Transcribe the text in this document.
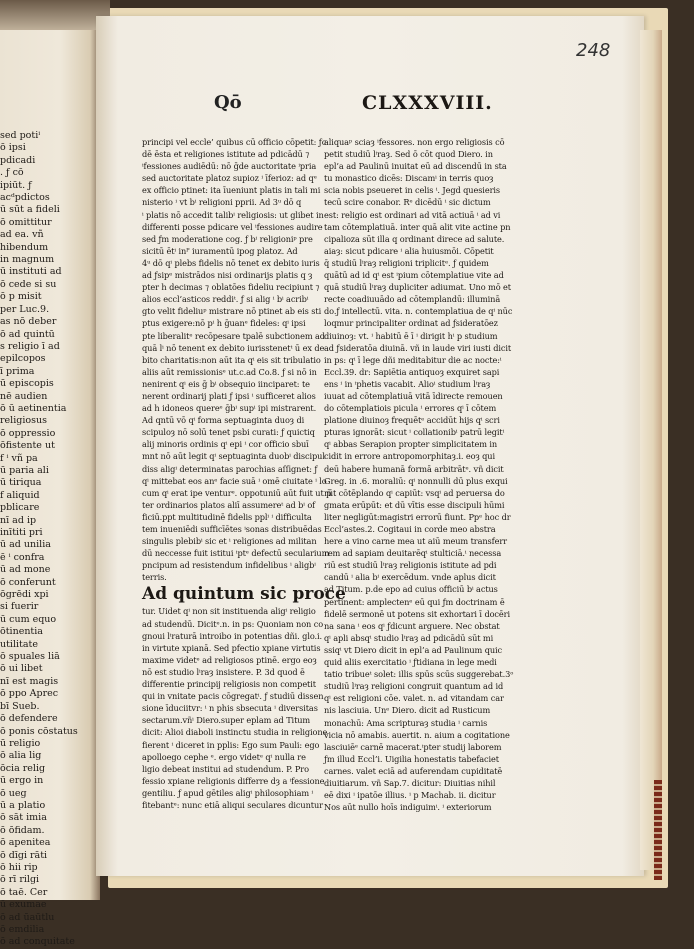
sed potiⁱ
ō ipsi
pdicadi
. ƒ cō
ipiūt. ƒ
acᵈpdictos
ū sūt a fideli
ō omittitur
ad ea. vñ
hibendum
in magnum
ū instituti ad
ō cede si su
ō p misit
per Luc.9.
as nō deber
ō ad quintū
s religio ī ad
epilcopos
ī prima
ū episcopis
nē audien
ō ū aetinentia
religiosus
ō oppressio
ōfistente ut
f ⁱ vñ pa
ū paria ali
ū tiriqua
f aliquid
pblicare
nī ad ip
inītiti pri
ū ad unilia
ē ⁱ confra
ū ad mone
ō conferunt
ōgrēdi xpi
si fuerir
ū cum equo
ōtinentia
utilitate
ō spuales liā
ō ui libet
nī est magis
ō ppo Aprec
bī Sueb.
ō defendere
ō ponis cōstatus
ū religio
ō alia lig
ōcia relig
ū ergo in
ō ueg
ū a platio
ō sāt imia
ō ōfidam.
ō apenitea
ō dīgi rāti
ō hii rip
ō rī rilgi
ō taē. Cer
ū exumae
ō ad ūaūtlu
ō emdilia
ō ad conquitate
248
Qō	CLXXXVIII.
principi vel eccle’ quibus cū officio cōpetit: ƒc
dē ēsta et religiones istitute ad pdicādū ⁊
ⁱfessiones audiēdū: nō ḡde auctoritate ⁱpria
sed auctoritate platoz supioz ⁱ īferioz: ad qᵉ
ex officio ptinet: ita īueniunt platis in tali mi
nisterio ⁱ vt bⁱ religioni pprii. Ad 3ᵘ dō q
ⁱ platis nō accedit talibⁱ religiosis: ut glibet in
differenti posse pdicare vel ⁱfessiones audire
sed ƒm moderatione cog. ƒ bⁱ religioniᵖ pre
sicitū ētⁱ inᴾ iuramentū ipog platoz. Ad
4ᵘ dō qⁱ plebs fidelis nō tenet ex debito iuris
ad ƒsipᵉ mistrādos nisi ordinarijs platis q ȝ
pter h decimas ⁊ oblatōes fideliu recipiunt ⁊
alios eccl’asticos reddiᵗ. ƒ si alig ⁱ bⁱ acribⁱ
gto velit fideliuᵖ mistrare nō ptinet ab eis sti
ptus exigere:nō pⁱ h ḡuanᵉ fideles: qⁱ ipsi
pte liberalitᵉ recōpesare tpalē subctionem ad
quā lⁱ nō tenent ex debito iurisstenetᵗ ū ex de
bito charitatis:non aūt ita qⁱ eis sit tribulatio
aliis aūt remissionisᵉ ut.c.ad Co.8. ƒ si nō in
nenirent qⁱ eis ḡ bⁱ obsequio iinciparet: te
nerent ordinarij plati ƒ ipsi ⁱ sufficeret alios
ad h idoneos quereᵉ ḡbⁱ supⁱ ipi mistrarent.
Ad qntū vō qⁱ forma septuaginta duoȝ di
scipuloȝ nō solū tenet psbi curati: ƒ quictiq
alij minoris ordinis qⁱ epi ⁱ cor officio sbuī
mnt nō aūt legit qⁱ septuaginta duobⁱ discipul
diss aligⁱ determinatas parochias aſſi̇gnet: ƒ
qⁱ mittebat eos anᵉ facie suā ⁱ omē ciuitate ⁱ lo
cum qⁱ erat ipe venturᵉ. oppotuniū aūt fuit ut p̄
ter ordinarios platos aliī assumereᵗ ad bⁱ of
ficiū.ppt multitudinē fidelis pplⁱ ⁱ difficulta
tem inueniēdi sufficīētes ⁱsonas distribuēdas
singulis plebibⁱ sic et ⁱ religiones ad militan
dū neccesse fuit istitui ⁱptᵉ defectū secularium
pncipum ad resistendum infidelibus ⁱ aligbⁱ
terris.
Ad quintum sic proce
tur. Uidet qⁱ non sit instituenda aligⁱ religio
ad studendū. Dicitᵉ.n. in ps: Quoniam non co
gnoui lⁱraturā introibo in potentias dñi. glo.i.
in virtute xpianā. Sed pfectio xpiane virtutis
maxime videtᵉ ad religiosos ptinē. ergo eoȝ
nō est studio lⁱraȝ insistere. P. 3d quod ē
differentie principij religiosis non competit
qui in vnitate pacis cōgregatⁱ. ƒ studiū dissen
sione īduciitvr: ⁱ n phis sbsecuta ⁱ diversitas
sectarum.vñⁱ Diero.super eplam ad Titum
dicit: Alioi diaboli instinctu studia in religione
fierent ⁱ diceret in pplis: Ego sum Pauli: ego
apolloego cephe ᵉ. ergo videtᵉ qⁱ nulla re
ligio debeat institui ad studendum. P. Pro
fessio xpiane religionis differre dȝ a ⁱfessione
gentiliu. ƒ apud gētiles aligⁱ philosophiam ⁱ
fitebantᵉ: nunc etiā aliqui seculares dicuntur
aliquaᵖ sciaȝ ⁱfessores. non ergo religiosis cō
petit studiū lⁱraȝ. Sed ō cōt quod Diero. in
epl’a ad Paulinū inuitat eū ad discendū in sta
tu monastico dicēs: Discamⁱ in terris quoȝ
scia nobis pseueret in celis ⁱ. Jegd quesieris
tecū scire conabor. Rᵉ dicēdū ⁱ sic dictum
est: religio est ordinari ad vitā actiuā ⁱ ad vi
tam cōtemplatiuā. inter quā alit vite actine pn
cipalioza sūt illa q ordinant direce ad salute.
aiaȝ: sicut pdicare ⁱ alia huiusmōi. Cōpetit
q̄ studiū lⁱraȝ religioni triplicitᵉ. ƒ quidem
quātū ad id qⁱ est ⁱpium cōtemplatiue vite ad
quā studiū lⁱraȝ dupliciter adiumat. Uno mō et
recte coadiuuādo ad cōtemplandū: illuminā
do.ƒ intellectū. vita. n. contemplatiua de qⁱ nūc
loqmur principaliter ordinat ad ƒsideratōez
diuinoȝ: vt. ⁱ habitū ē ī ⁱ dirigit hⁱ p studium
ad ƒsideratōa diuinā. vñ in laude viri iusti dicit
in ps: qⁱ ī lege dñi meditabitur die ac nocte:ⁱ
Eccl.39. dr: Sapiētia antiquoȝ exquiret sapi
ens ⁱ in ⁱphetis vacabit. Alioⁱ studium lⁱraȝ
iuuat ad cōtemplatiuā vitā īdirecte remouen
do cōtemplatiois picula ⁱ errores qⁱ ī cōtem
platione diuinoȝ frequētᵉ accidūt hijs qⁱ scri
pturas ignorāt: sicut ⁱ collationibⁱ patrū legitⁱ
qⁱ abbas Serapion propter simplicitatem in
cidit in errore antropomorphitaȝ.i. eoȝ qui
deū habere humanā formā arbitrātᵉ. vñ dicit
Greg. in .6. moraliū: qⁱ nonnulli dū plus exqui
rūt cōtēplando qⁱ capiūt: vsqⁱ ad peruersa do
gmata erūpūt: et dū vītis esse discipuli hūmi
liter negligūt:magistri errorū fiunt. Ppᵉ hoc dr
Eccl’astes.2. Cogitaui in corde meo abstra
here a vino carne mea ut aiū meum transferr
rem ad sapiam deuitarēqⁱ stulticiā.ⁱ necessa
riū est studiū lⁱraȝ religionis istitute ad pdi
candū ⁱ alia bⁱ exercēdum. vnde aplus dicit
ad Titum. p.de epo ad cuius officiū bⁱ actus
pertinent: amplectenᵉ eū qui ƒm doctrinam ē
fidelē sermonē ut potens sit exhortari ī docēri
na sana ⁱ eos qⁱ ƒdicunt arguere. Nec obstat
qⁱ apli absqⁱ studio lⁱraȝ ad pdicādū sūt mi
ssiqⁱ vt Diero dicit in epl’a ad Paulinum quic
quid aliis exercitatio ⁱ ƒtidiana in lege medi
tatio tribueᵗ solet: illis spūs scūs suggerebat.3ᵒ
studiū lⁱraȝ religioni congruit quantum ad id
qⁱ est religioni cōe. valet. n. ad vitandam car
nis lasciuia. Unᵉ Diero. dicit ad Rusticum
monachū: Ama scripturaȝ studia ⁱ carnis
vicia nō amabis. auertit. n. aium a cogitatione
lasciuiēᵉ carnē macerat.ⁱpter studij laborem
ƒm illud Eccl’i. Uigilia honestatis tabefaciet
carnes. valet eciā ad auferendam cupiditatē
diuitiarum. vñ Sap.7. dicitur: Diuitias nihil
eē dixi ⁱ ipatōe illius. ⁱ p Machab. ii. dicitur
Nos aūt nullo hoīs indiguimⁱ. ⁱ exteriorum
